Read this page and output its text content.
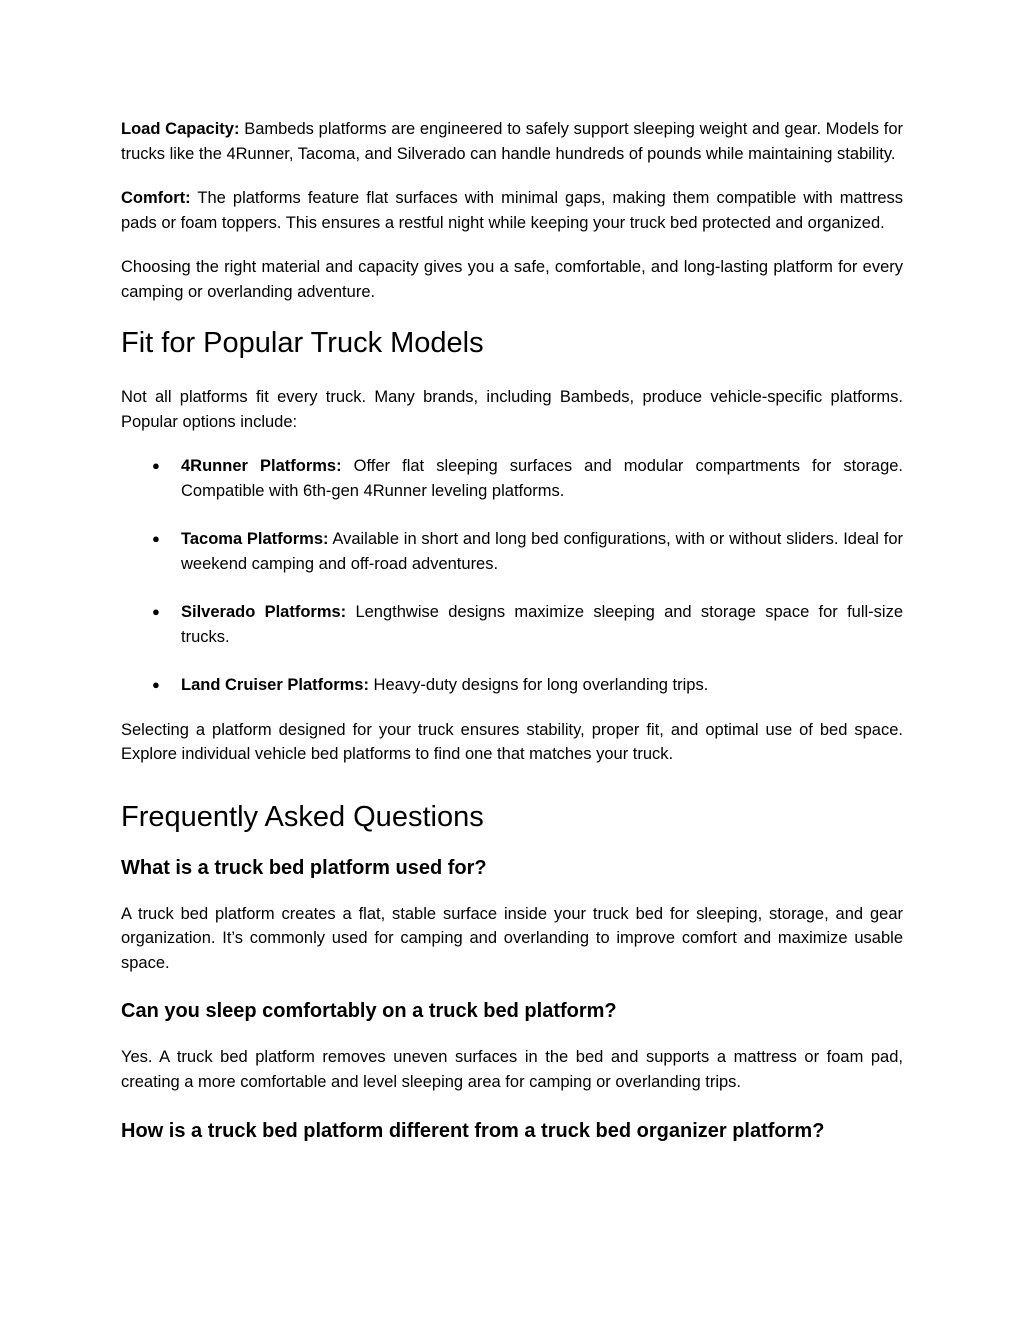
Load Capacity: Bambeds platforms are engineered to safely support sleeping weight and gear. Models for trucks like the 4Runner, Tacoma, and Silverado can handle hundreds of pounds while maintaining stability.

Comfort: The platforms feature flat surfaces with minimal gaps, making them compatible with mattress pads or foam toppers. This ensures a restful night while keeping your truck bed protected and organized.

Choosing the right material and capacity gives you a safe, comfortable, and long-lasting platform for every camping or overlanding adventure.

Fit for Popular Truck Models

Not all platforms fit every truck. Many brands, including Bambeds, produce vehicle-specific platforms. Popular options include:

● 4Runner Platforms: Offer flat sleeping surfaces and modular compartments for storage. Compatible with 6th-gen 4Runner leveling platforms.
● Tacoma Platforms: Available in short and long bed configurations, with or without sliders. Ideal for weekend camping and off-road adventures.
● Silverado Platforms: Lengthwise designs maximize sleeping and storage space for full-size trucks.
● Land Cruiser Platforms: Heavy-duty designs for long overlanding trips.

Selecting a platform designed for your truck ensures stability, proper fit, and optimal use of bed space. Explore individual vehicle bed platforms to find one that matches your truck.

Frequently Asked Questions
What is a truck bed platform used for?

A truck bed platform creates a flat, stable surface inside your truck bed for sleeping, storage, and gear organization. It’s commonly used for camping and overlanding to improve comfort and maximize usable space.

Can you sleep comfortably on a truck bed platform?

Yes. A truck bed platform removes uneven surfaces in the bed and supports a mattress or foam pad, creating a more comfortable and level sleeping area for camping or overlanding trips.

How is a truck bed platform different from a truck bed organizer platform?
